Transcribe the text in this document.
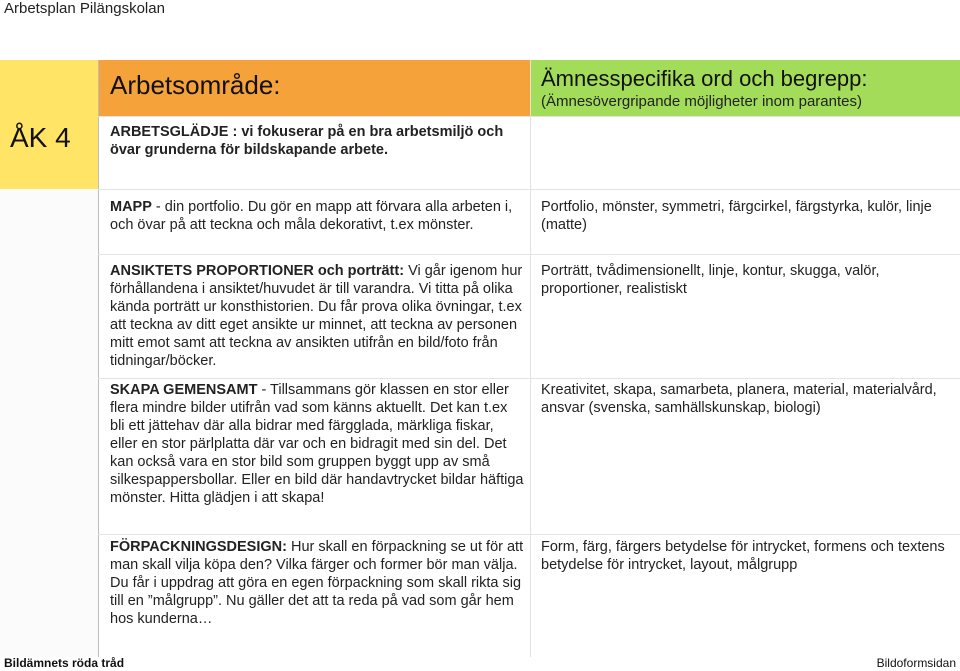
Arbetsplan Pilängskolan
ÅK 4
Arbetsområde:	Ämnesspecifika ord och begrepp:
(Ämnesövergripande möjligheter inom parantes)
ARBETSGLÄDJE : vi fokuserar på en bra arbetsmiljö och övar grunderna för bildskapande arbete.
MAPP - din portfolio. Du gör en mapp att förvara alla arbeten i, och övar på att teckna och måla dekorativt, t.ex mönster.
Portfolio, mönster, symmetri, färgcirkel, färgstyrka, kulör, linje (matte)
ANSIKTETS PROPORTIONER och porträtt: Vi går igenom hur förhållandena i ansiktet/huvudet är till varandra. Vi titta på olika kända porträtt ur konsthistorien. Du får prova olika övningar, t.ex att teckna av ditt eget ansikte ur minnet, att teckna av personen mitt emot samt att teckna av ansikten utifrån en bild/foto från tidningar/böcker.
Porträtt, tvådimensionellt, linje, kontur, skugga, valör, proportioner, realistiskt
SKAPA GEMENSAMT - Tillsammans gör klassen en stor eller flera mindre bilder utifrån vad som känns aktuellt. Det kan t.ex bli ett jättehav där alla bidrar med färgglada, märkliga fiskar, eller en stor pärlplatta där var och en bidragit med sin del. Det kan också vara en stor bild som gruppen byggt upp av små silkespappersbollar. Eller en bild där handavtrycket bildar häftiga mönster. Hitta glädjen i att skapa!
Kreativitet, skapa, samarbeta, planera, material, materialvård, ansvar (svenska, samhällskunskap, biologi)
FÖRPACKNINGSDESIGN: Hur skall en förpackning se ut för att man skall vilja köpa den? Vilka färger och former bör man välja. Du får i uppdrag att göra en egen förpackning som skall rikta sig till en ”målgrupp”. Nu gäller det att ta reda på vad som går hem hos kunderna…
Form, färg, färgers betydelse för intrycket, formens och textens betydelse för intrycket, layout, målgrupp
Bildämnets röda tråd	Bildoformsidan
